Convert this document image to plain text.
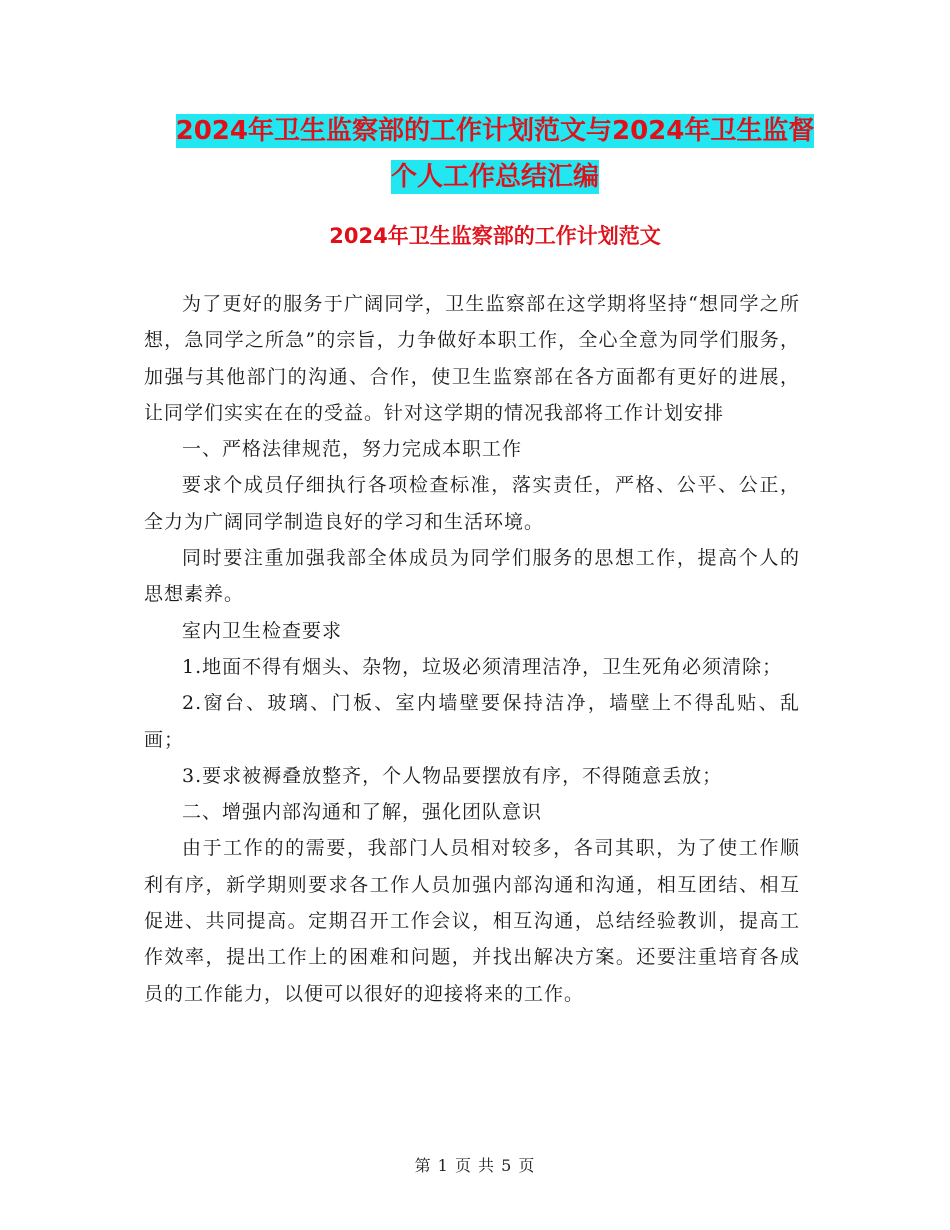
2024年卫生监察部的工作计划范文与2024年卫生监督
个人工作总结汇编
2024年卫生监察部的工作计划范文

为了更好的服务于广阔同学，卫生监察部在这学期将坚持“想同学之所想，急同学之所急”的宗旨，力争做好本职工作，全心全意为同学们服务，加强与其他部门的沟通、合作，使卫生监察部在各方面都有更好的进展，让同学们实实在在的受益。针对这学期的情况我部将工作计划安排

一、严格法律规范，努力完成本职工作

要求个成员仔细执行各项检查标准，落实责任，严格、公平、公正，全力为广阔同学制造良好的学习和生活环境。

同时要注重加强我部全体成员为同学们服务的思想工作，提高个人的思想素养。

室内卫生检查要求

1.地面不得有烟头、杂物，垃圾必须清理洁净，卫生死角必须清除；

2.窗台、玻璃、门板、室内墙壁要保持洁净，墙壁上不得乱贴、乱画；

3.要求被褥叠放整齐，个人物品要摆放有序，不得随意丢放；

二、增强内部沟通和了解，强化团队意识

由于工作的的需要，我部门人员相对较多，各司其职，为了使工作顺利有序，新学期则要求各工作人员加强内部沟通和沟通，相互团结、相互促进、共同提高。定期召开工作会议，相互沟通，总结经验教训，提高工作效率，提出工作上的困难和问题，并找出解决方案。还要注重培育各成员的工作能力，以便可以很好的迎接将来的工作。

第 1 页 共 5 页
